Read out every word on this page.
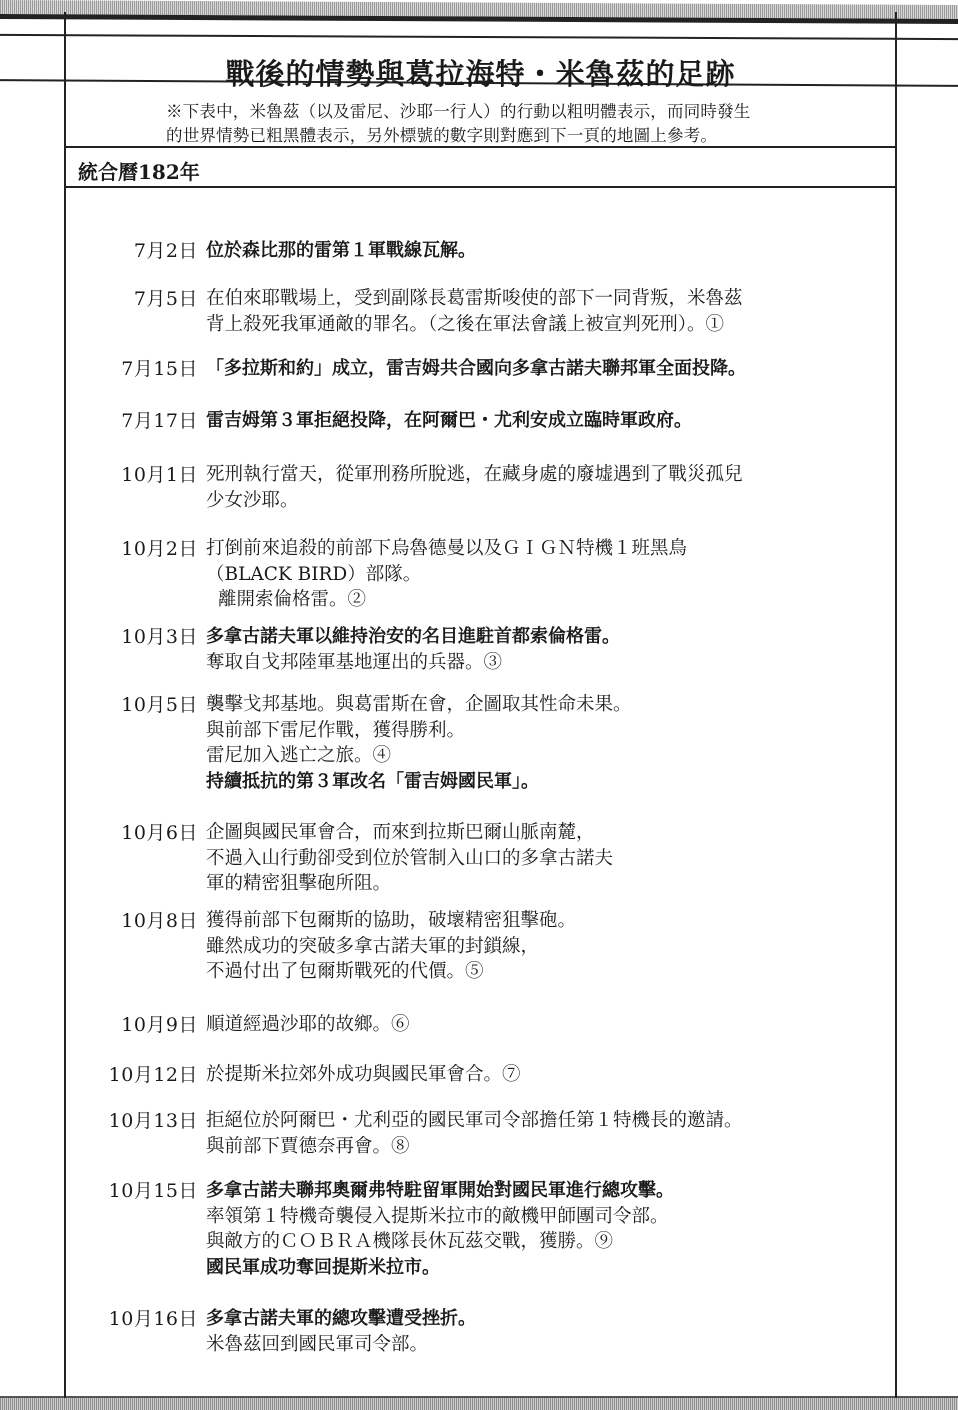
戰後的情勢與葛拉海特・米魯茲的足跡
※下表中，米魯茲（以及雷尼、沙耶一行人）的行動以粗明體表示，而同時發生
的世界情勢已粗黑體表示，另外標號的數字則對應到下一頁的地圖上參考。
統合曆182年
7月2日 位於森比那的雷第１軍戰線瓦解。
7月5日 在伯來耶戰場上，受到副隊長葛雷斯唆使的部下一同背叛，米魯茲
背上殺死我軍通敵的罪名。（之後在軍法會議上被宣判死刑）。①
7月15日 「多拉斯和約」成立，雷吉姆共合國向多拿古諾夫聯邦軍全面投降。
7月17日 雷吉姆第３軍拒絕投降，在阿爾巴・尤利安成立臨時軍政府。
10月1日 死刑執行當天，從軍刑務所脫逃，在藏身處的廢墟遇到了戰災孤兒
少女沙耶。
10月2日 打倒前來追殺的前部下烏魯德曼以及ＧＩＧＮ特機１班黑鳥
（BLACK BIRD）部隊。
離開索倫格雷。②
10月3日 多拿古諾夫軍以維持治安的名目進駐首都索倫格雷。
奪取自戈邦陸軍基地運出的兵器。③
10月5日 襲擊戈邦基地。與葛雷斯在會，企圖取其性命未果。
與前部下雷尼作戰，獲得勝利。
雷尼加入逃亡之旅。④
持續抵抗的第３軍改名「雷吉姆國民軍」。
10月6日 企圖與國民軍會合，而來到拉斯巴爾山脈南麓，
不過入山行動卻受到位於管制入山口的多拿古諾夫
軍的精密狙擊砲所阻。
10月8日 獲得前部下包爾斯的協助，破壞精密狙擊砲。
雖然成功的突破多拿古諾夫軍的封鎖線，
不過付出了包爾斯戰死的代價。⑤
10月9日 順道經過沙耶的故鄉。⑥
10月12日 於提斯米拉郊外成功與國民軍會合。⑦
10月13日 拒絕位於阿爾巴・尤利亞的國民軍司令部擔任第１特機長的邀請。
與前部下賈德奈再會。⑧
10月15日 多拿古諾夫聯邦奧爾弗特駐留軍開始對國民軍進行總攻擊。
率領第１特機奇襲侵入提斯米拉市的敵機甲師團司令部。
與敵方的ＣＯＢＲＡ機隊長休瓦茲交戰，獲勝。⑨
國民軍成功奪回提斯米拉市。
10月16日 多拿古諾夫軍的總攻擊遭受挫折。
米魯茲回到國民軍司令部。
